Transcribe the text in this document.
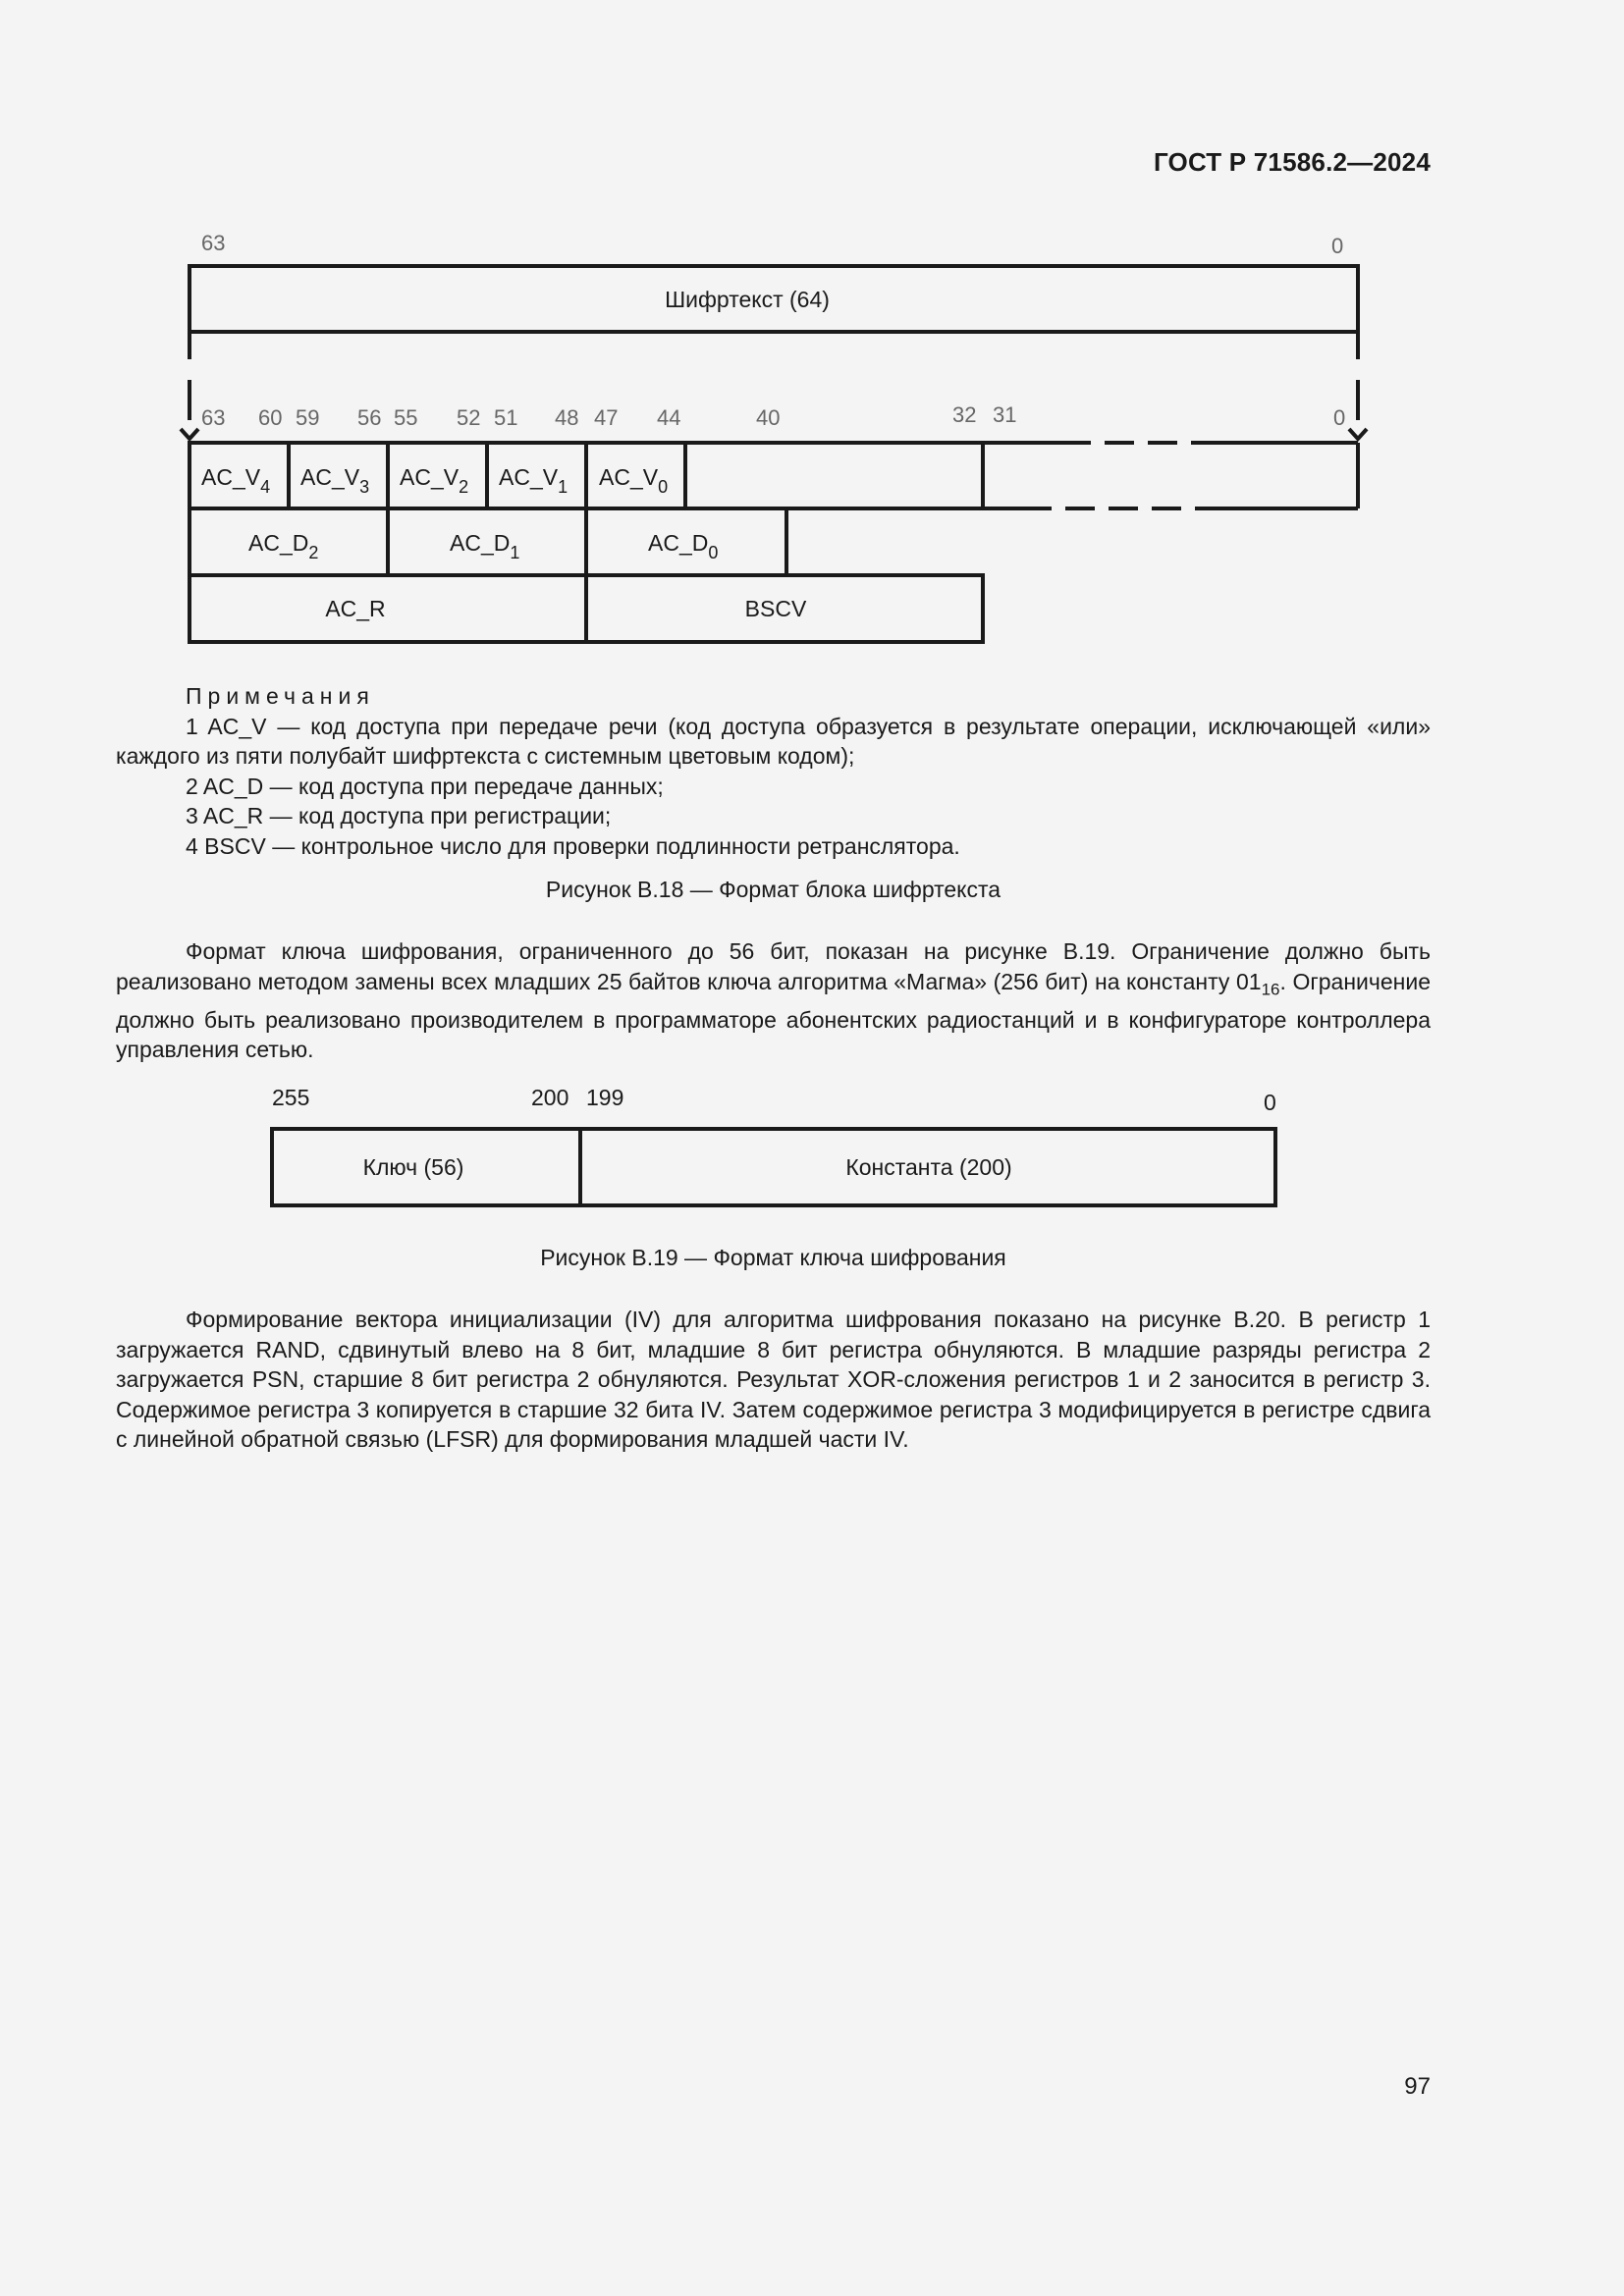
ГОСТ Р 71586.2—2024
63	0
Шифртекст (64)
63 60 59 56 55 52 51 48 47 44	40	32 31	0
$AC\_V_4$ $AC\_V_3$ $AC\_V_2$ $AC\_V_1$ $AC\_V_0$
$AC\_D_2$	$AC\_D_1$	$AC\_D_0$
AC_R	BSCV
Примечания
1 AC_V — код доступа при передаче речи (код доступа образуется в результате операции, исключающей «или» каждого из пяти полубайт шифртекста с системным цветовым кодом);
2 AC_D — код доступа при передаче данных;
3 AC_R — код доступа при регистрации;
4 BSCV — контрольное число для проверки подлинности ретранслятора.
Рисунок В.18 — Формат блока шифртекста
Формат ключа шифрования, ограниченного до 56 бит, показан на рисунке В.19. Ограничение должно быть реализовано методом замены всех младших 25 байтов ключа алгоритма «Магма» (256 бит) на константу $01_{16}$. Ограничение должно быть реализовано производителем в программаторе абонентских радиостанций и в конфигураторе контроллера управления сетью.
255	200 199	0
Ключ (56)	Константа (200)
Рисунок В.19 — Формат ключа шифрования
Формирование вектора инициализации (IV) для алгоритма шифрования показано на рисунке В.20. В регистр 1 загружается RAND, сдвинутый влево на 8 бит, младшие 8 бит регистра обнуляются. В младшие разряды регистра 2 загружается PSN, старшие 8 бит регистра 2 обнуляются. Результат XOR-сложения регистров 1 и 2 заносится в регистр 3. Содержимое регистра 3 копируется в старшие 32 бита IV. Затем содержимое регистра 3 модифицируется в регистре сдвига с линейной обратной связью (LFSR) для формирования младшей части IV.
97
